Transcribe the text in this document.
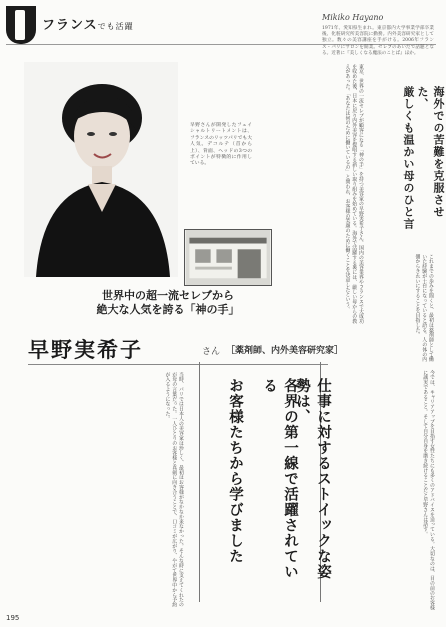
フランスでも活躍
Mikiko Hayano
1971年、愛知県生まれ。東京都内大学事業学部卒業後、化粧研究所美容院に勤務。内外美容研究家として独立。数々の美容講座を手がける。2006年フランス・パリにサロンを開業。セレブのあいだで話題となる。近著に『美しくなる魔法のことば』ほか。
早野さんが開発したフェイシャルトリートメントは、フランスのリッツパリでも大人気。デコルテ（首から上）、背面、ヘッドの3つのポイントが特徴的に作用している。
世界中の超一流セレブから
絶大な人気を誇る「神の手」
早野実希子	さん ［薬剤師、内外美容研究家］
海外での苦難を克服させた、
厳しくも温かい母のひと言
東京、世界の一流セレブが顧客になる「神の手」を持つ美容家の早野実希子さん。国内の美容業界やフランスで大成功を収めた後、日本に戻り内外美容を提唱する新しい取り組みを始めている。海外で活躍する裏には、厳しい母からの教えがあった。「あなたは何のために働いているの」と問われ、お客様の笑顔のために働くことを決意したという。	これまでの歩みを聞くと、最初は薬剤師として働いた経験が土台になっていると語る。人の体の内側からきれいにすることを目指した。
当時、パリでは日本人の美容家は珍しく、最初はお客様がなかなか来なかった。そんな時に支えてくれたのが母の言葉だった。一人ひとりのお客様と真剣に向き合うことで、口コミが広がり、やがて世界中から予約が入るようになった。	仕事に対するストイックな姿勢は、
各界の第一線で活躍されている
お客様たちから学びました	今では、キャリアアップを目指す女性たちにも多くのアドバイスを送っている。大切なのは、目の前のお客様に誠実であること。そして自分自身を磨き続けることだと早野さんは話す。
195
